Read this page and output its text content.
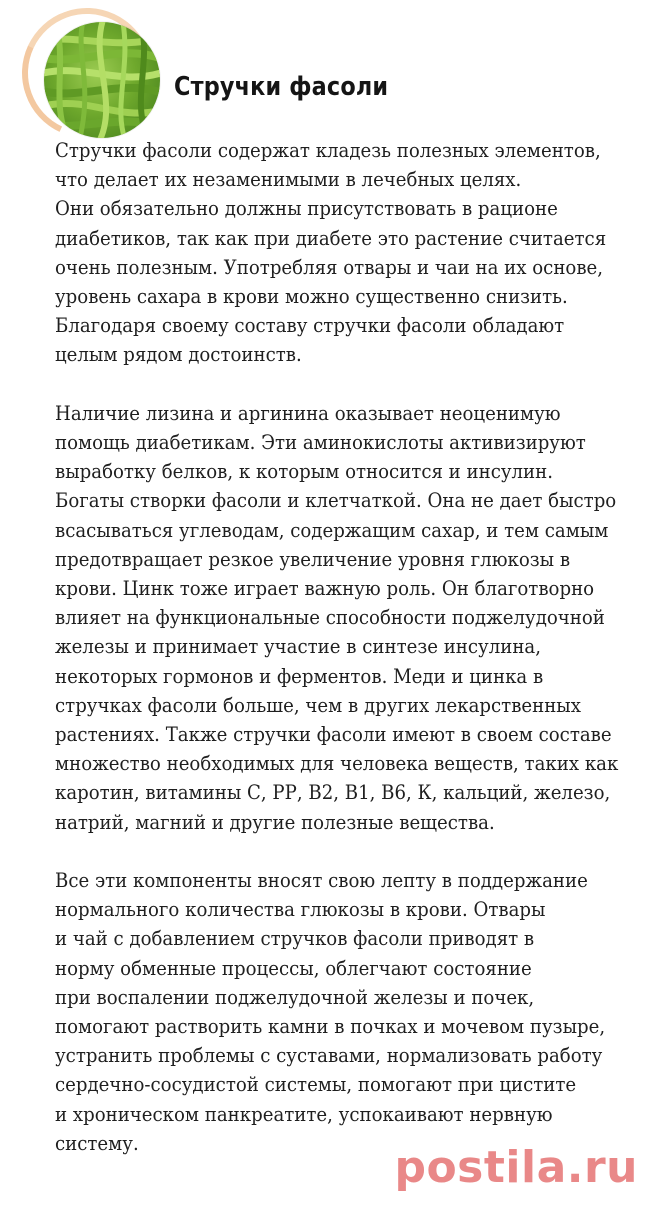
Стручки фасоли
Стручки фасоли содержат кладезь полезных элементов,
что делает их незаменимыми в лечебных целях.
Они обязательно должны присутствовать в рационе
диабетиков, так как при диабете это растение считается
очень полезным. Употребляя отвары и чаи на их основе,
уровень сахара в крови можно существенно снизить.
Благодаря своему составу стручки фасоли обладают
целым рядом достоинств.
Наличие лизина и аргинина оказывает неоценимую
помощь диабетикам. Эти аминокислоты активизируют
выработку белков, к которым относится и инсулин.
Богаты створки фасоли и клетчаткой. Она не дает быстро
всасываться углеводам, содержащим сахар, и тем самым
предотвращает резкое увеличение уровня глюкозы в
крови. Цинк тоже играет важную роль. Он благотворно
влияет на функциональные способности поджелудочной
железы и принимает участие в синтезе инсулина,
некоторых гормонов и ферментов. Меди и цинка в
стручках фасоли больше, чем в других лекарственных
растениях. Также стручки фасоли имеют в своем составе
множество необходимых для человека веществ, таких как
каротин, витамины С, РР, В2, В1, В6, К, кальций, железо,
натрий, магний и другие полезные вещества.
Все эти компоненты вносят свою лепту в поддержание
нормального количества глюкозы в крови. Отвары
и чай с добавлением стручков фасоли приводят в
норму обменные процессы, облегчают состояние
при воспалении поджелудочной железы и почек,
помогают растворить камни в почках и мочевом пузыре,
устранить проблемы с суставами, нормализовать работу
сердечно-сосудистой системы, помогают при цистите
и хроническом панкреатите, успокаивают нервную
систему.	postila.ru
